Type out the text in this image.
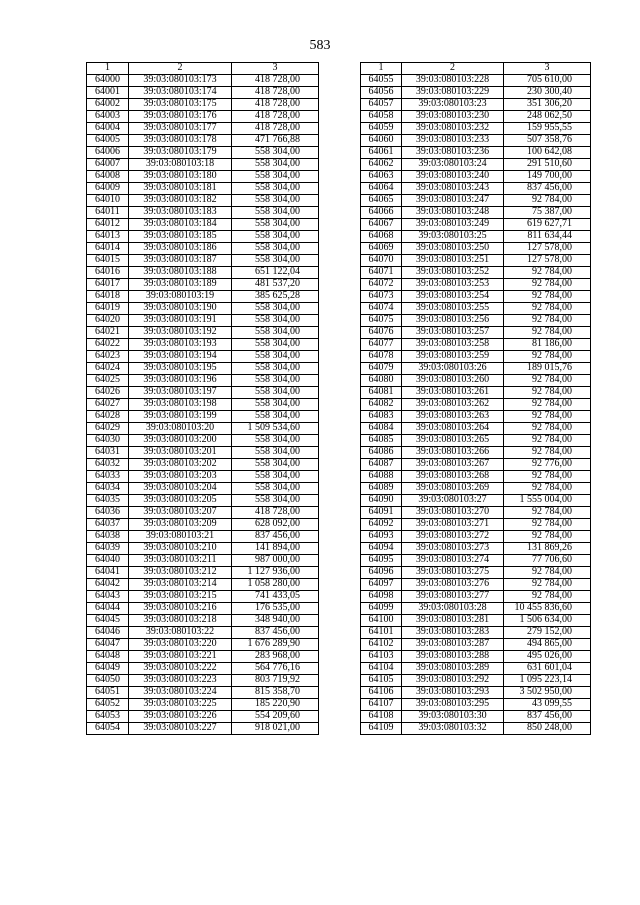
583
1	2	3
64000	39:03:080103:173	418 728,00
64001	39:03:080103:174	418 728,00
64002	39:03:080103:175	418 728,00
64003	39:03:080103:176	418 728,00
64004	39:03:080103:177	418 728,00
64005	39:03:080103:178	471 766,88
64006	39:03:080103:179	558 304,00
64007	39:03:080103:18	558 304,00
64008	39:03:080103:180	558 304,00
64009	39:03:080103:181	558 304,00
64010	39:03:080103:182	558 304,00
64011	39:03:080103:183	558 304,00
64012	39:03:080103:184	558 304,00
64013	39:03:080103:185	558 304,00
64014	39:03:080103:186	558 304,00
64015	39:03:080103:187	558 304,00
64016	39:03:080103:188	651 122,04
64017	39:03:080103:189	481 537,20
64018	39:03:080103:19	385 625,28
64019	39:03:080103:190	558 304,00
64020	39:03:080103:191	558 304,00
64021	39:03:080103:192	558 304,00
64022	39:03:080103:193	558 304,00
64023	39:03:080103:194	558 304,00
64024	39:03:080103:195	558 304,00
64025	39:03:080103:196	558 304,00
64026	39:03:080103:197	558 304,00
64027	39:03:080103:198	558 304,00
64028	39:03:080103:199	558 304,00
64029	39:03:080103:20	1 509 534,60
64030	39:03:080103:200	558 304,00
64031	39:03:080103:201	558 304,00
64032	39:03:080103:202	558 304,00
64033	39:03:080103:203	558 304,00
64034	39:03:080103:204	558 304,00
64035	39:03:080103:205	558 304,00
64036	39:03:080103:207	418 728,00
64037	39:03:080103:209	628 092,00
64038	39:03:080103:21	837 456,00
64039	39:03:080103:210	141 894,00
64040	39:03:080103:211	987 000,00
64041	39:03:080103:212	1 127 936,00
64042	39:03:080103:214	1 058 280,00
64043	39:03:080103:215	741 433,05
64044	39:03:080103:216	176 535,00
64045	39:03:080103:218	348 940,00
64046	39:03:080103:22	837 456,00
64047	39:03:080103:220	1 676 289,90
64048	39:03:080103:221	283 968,00
64049	39:03:080103:222	564 776,16
64050	39:03:080103:223	803 719,92
64051	39:03:080103:224	815 358,70
64052	39:03:080103:225	185 220,90
64053	39:03:080103:226	554 209,60
64054	39:03:080103:227	918 021,00
1	2	3
64055	39:03:080103:228	705 610,00
64056	39:03:080103:229	230 300,40
64057	39:03:080103:23	351 306,20
64058	39:03:080103:230	248 062,50
64059	39:03:080103:232	159 955,55
64060	39:03:080103:233	507 358,76
64061	39:03:080103:236	100 642,08
64062	39:03:080103:24	291 510,60
64063	39:03:080103:240	149 700,00
64064	39:03:080103:243	837 456,00
64065	39:03:080103:247	92 784,00
64066	39:03:080103:248	75 387,00
64067	39:03:080103:249	619 627,71
64068	39:03:080103:25	811 634,44
64069	39:03:080103:250	127 578,00
64070	39:03:080103:251	127 578,00
64071	39:03:080103:252	92 784,00
64072	39:03:080103:253	92 784,00
64073	39:03:080103:254	92 784,00
64074	39:03:080103:255	92 784,00
64075	39:03:080103:256	92 784,00
64076	39:03:080103:257	92 784,00
64077	39:03:080103:258	81 186,00
64078	39:03:080103:259	92 784,00
64079	39:03:080103:26	189 015,76
64080	39:03:080103:260	92 784,00
64081	39:03:080103:261	92 784,00
64082	39:03:080103:262	92 784,00
64083	39:03:080103:263	92 784,00
64084	39:03:080103:264	92 784,00
64085	39:03:080103:265	92 784,00
64086	39:03:080103:266	92 784,00
64087	39:03:080103:267	92 776,00
64088	39:03:080103:268	92 784,00
64089	39:03:080103:269	92 784,00
64090	39:03:080103:27	1 555 004,00
64091	39:03:080103:270	92 784,00
64092	39:03:080103:271	92 784,00
64093	39:03:080103:272	92 784,00
64094	39:03:080103:273	131 869,26
64095	39:03:080103:274	77 706,60
64096	39:03:080103:275	92 784,00
64097	39:03:080103:276	92 784,00
64098	39:03:080103:277	92 784,00
64099	39:03:080103:28	10 455 836,60
64100	39:03:080103:281	1 506 634,00
64101	39:03:080103:283	279 152,00
64102	39:03:080103:287	494 865,00
64103	39:03:080103:288	495 026,00
64104	39:03:080103:289	631 601,04
64105	39:03:080103:292	1 095 223,14
64106	39:03:080103:293	3 502 950,00
64107	39:03:080103:295	43 099,55
64108	39:03:080103:30	837 456,00
64109	39:03:080103:32	850 248,00
